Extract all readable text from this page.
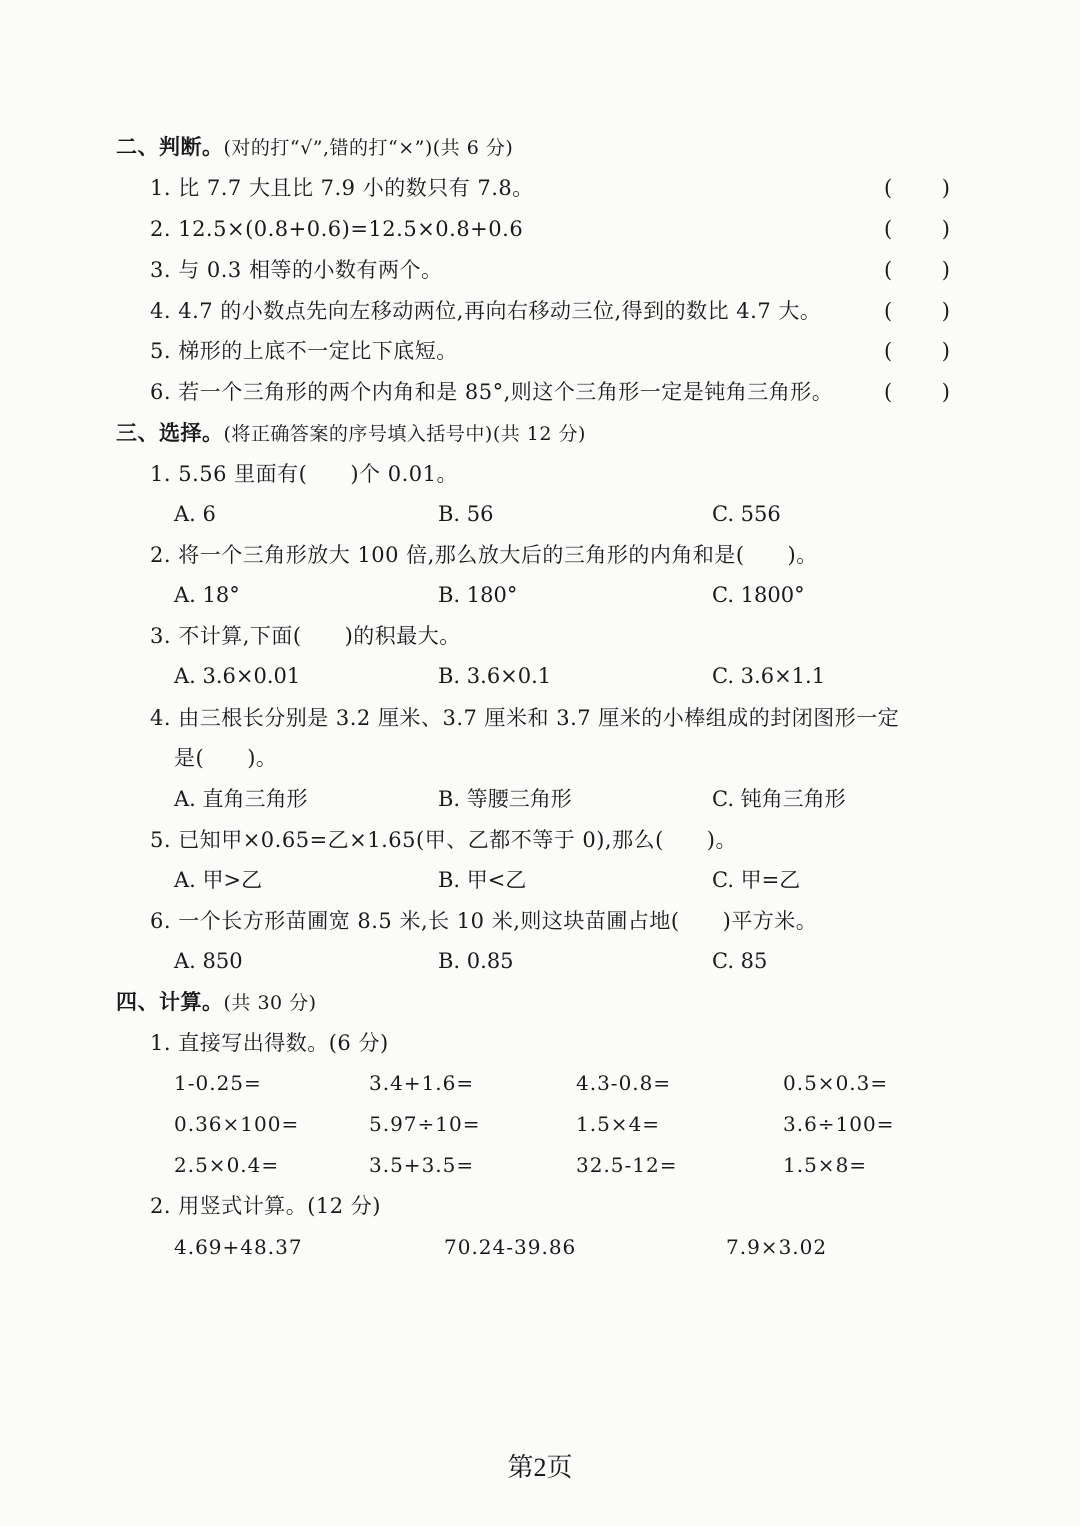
二、判断。(对的打“√”,错的打“×”)(共 6 分)
1. 比 7.7 大且比 7.9 小的数只有 7.8。	( )
2. 12.5×(0.8+0.6)=12.5×0.8+0.6	( )
3. 与 0.3 相等的小数有两个。	( )
4. 4.7 的小数点先向左移动两位,再向右移动三位,得到的数比 4.7 大。	( )
5. 梯形的上底不一定比下底短。	( )
6. 若一个三角形的两个内角和是 85°,则这个三角形一定是钝角三角形。 ( )
三、选择。(将正确答案的序号填入括号中)(共 12 分)
1. 5.56 里面有(　　)个 0.01。
A. 6	B. 56	C. 556
2. 将一个三角形放大 100 倍,那么放大后的三角形的内角和是(　　)。
A. 18°	B. 180°	C. 1800°
3. 不计算,下面(　　)的积最大。
A. 3.6×0.01	B. 3.6×0.1	C. 3.6×1.1
4. 由三根长分别是 3.2 厘米、3.7 厘米和 3.7 厘米的小棒组成的封闭图形一定
是(　　)。
A. 直角三角形	B. 等腰三角形	C. 钝角三角形
5. 已知甲×0.65=乙×1.65(甲、乙都不等于 0),那么(　　)。
A. 甲>乙	B. 甲<乙	C. 甲=乙
6. 一个长方形苗圃宽 8.5 米,长 10 米,则这块苗圃占地(　　)平方米。
A. 850	B. 0.85	C. 85
四、计算。(共 30 分)
1. 直接写出得数。(6 分)
1-0.25=	3.4+1.6=	4.3-0.8=	0.5×0.3=
0.36×100=	5.97÷10=	1.5×4=	3.6÷100=
2.5×0.4=	3.5+3.5=	32.5-12=	1.5×8=
2. 用竖式计算。(12 分)
4.69+48.37	70.24-39.86	7.9×3.02
第2页
